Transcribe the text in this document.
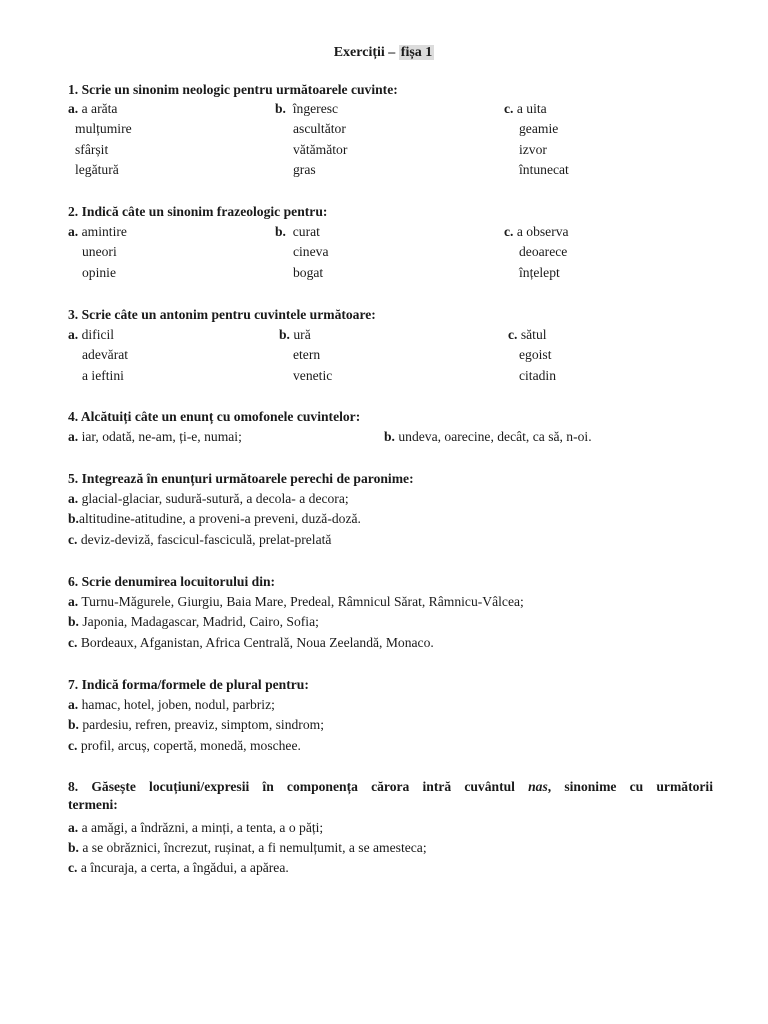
Exerciții – fișa 1
1. Scrie un sinonim neologic pentru următoarele cuvinte:
a. a arăta	b. îngeresc	c. a uita
mulțumire	ascultător	geamie
sfârșit	vătămător	izvor
legătură	gras	întunecat
2. Indică câte un sinonim frazeologic pentru:
a. amintire	b. curat	c. a observa
uneori	cineva	deoarece
opinie	bogat	înțelept
3. Scrie câte un antonim pentru cuvintele următoare:
a. dificil	b. ură	c. sătul
adevărat	etern	egoist
a ieftini	venetic	citadin
4. Alcătuiți câte un enunț cu omofonele cuvintelor:
a. iar, odată, ne-am, ți-e, numai;	b. undeva, oarecine, decât, ca să, n-oi.
5. Integrează în enunțuri următoarele perechi de paronime:
a. glacial-glaciar, sudură-sutură, a decola- a decora;
b.altitudine-atitudine, a proveni-a preveni, duză-doză.
c. deviz-deviză, fascicul-fasciculă, prelat-prelată
6. Scrie denumirea locuitorului din:
a. Turnu-Măgurele, Giurgiu, Baia Mare, Predeal, Râmnicul Sărat, Râmnicu-Vâlcea;
b. Japonia, Madagascar, Madrid, Cairo, Sofia;
c. Bordeaux, Afganistan, Africa Centrală, Noua Zeelandă, Monaco.
7. Indică forma/formele de plural pentru:
a. hamac, hotel, joben, nodul, parbriz;
b. pardesiu, refren, preaviz, simptom, sindrom;
c. profil, arcuș, copertă, monedă, moschee.
8. Găsește locuțiuni/expresii în componența cărora intră cuvântul nas, sinonime cu următorii
termeni:
a. a amăgi, a îndrăzni, a minți, a tenta, a o păți;
b. a se obrăznici, încrezut, rușinat, a fi nemulțumit, a se amesteca;
c. a încuraja, a certa, a îngădui, a apărea.
